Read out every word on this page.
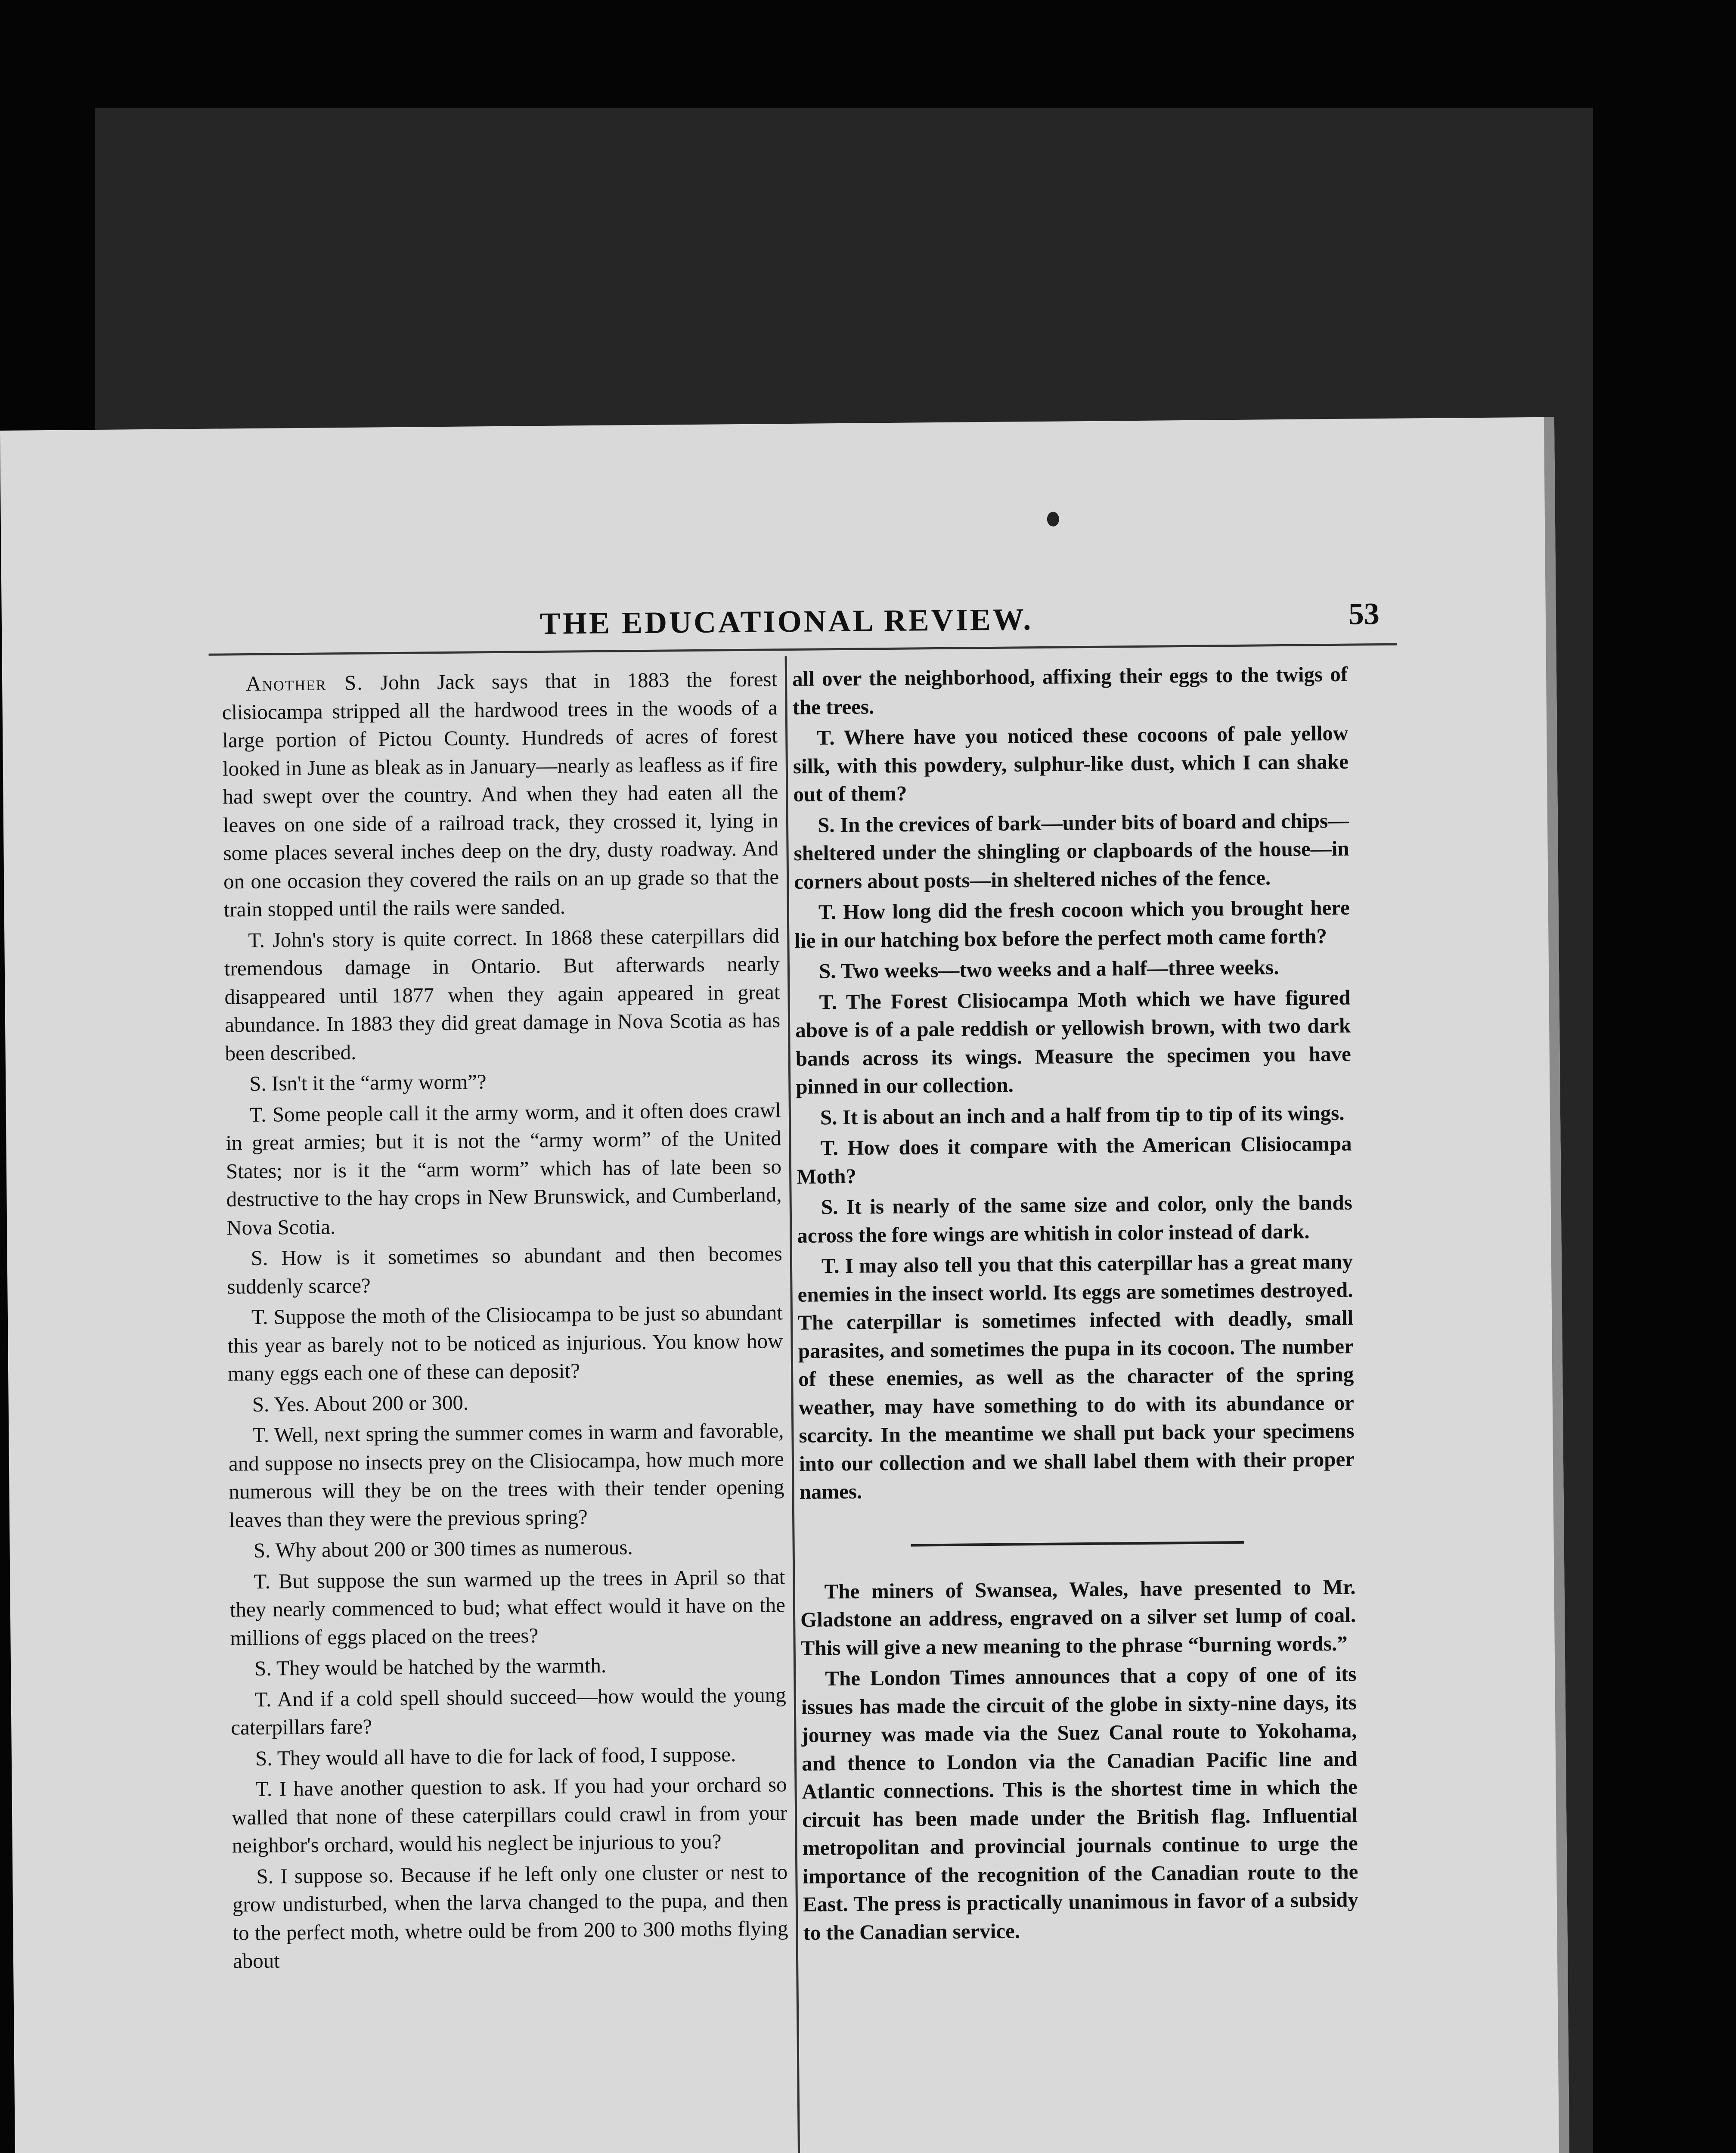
THE EDUCATIONAL REVIEW.	53

Another S. John Jack says that in 1883 the forest clisiocampa stripped all the hardwood trees in the woods of a large portion of Pictou County. Hundreds of acres of forest looked in June as bleak as in January—nearly as leafless as if fire had swept over the country. And when they had eaten all the leaves on one side of a railroad track, they crossed it, lying in some places several inches deep on the dry, dusty roadway. And on one occasion they covered the rails on an up grade so that the train stopped until the rails were sanded.

T. John's story is quite correct. In 1868 these caterpillars did tremendous damage in Ontario. But afterwards nearly disappeared until 1877 when they again appeared in great abundance. In 1883 they did great damage in Nova Scotia as has been described.

S. Isn't it the “army worm”?

T. Some people call it the army worm, and it often does crawl in great armies; but it is not the “army worm” of the United States; nor is it the “arm worm” which has of late been so destructive to the hay crops in New Brunswick, and Cumberland, Nova Scotia.

S. How is it sometimes so abundant and then becomes suddenly scarce?

T. Suppose the moth of the Clisiocampa to be just so abundant this year as barely not to be noticed as injurious. You know how many eggs each one of these can deposit?

S. Yes. About 200 or 300.

T. Well, next spring the summer comes in warm and favorable, and suppose no insects prey on the Clisiocampa, how much more numerous will they be on the trees with their tender opening leaves than they were the previous spring?

S. Why about 200 or 300 times as numerous.

T. But suppose the sun warmed up the trees in April so that they nearly commenced to bud; what effect would it have on the millions of eggs placed on the trees?

S. They would be hatched by the warmth.

T. And if a cold spell should succeed—how would the young caterpillars fare?

S. They would all have to die for lack of food, I suppose.

T. I have another question to ask. If you had your orchard so walled that none of these caterpillars could crawl in from your neighbor's orchard, would his neglect be injurious to you?

S. I suppose so. Because if he left only one cluster or nest to grow undisturbed, when the larva changed to the pupa, and then to the perfect moth, whetre ould be from 200 to 300 moths flying about

all over the neighborhood, affixing their eggs to the twigs of the trees.

T. Where have you noticed these cocoons of pale yellow silk, with this powdery, sulphur-like dust, which I can shake out of them?

S. In the crevices of bark—under bits of board and chips—sheltered under the shingling or clapboards of the house—in corners about posts—in sheltered niches of the fence.

T. How long did the fresh cocoon which you brought here lie in our hatching box before the perfect moth came forth?

S. Two weeks—two weeks and a half—three weeks.

T. The Forest Clisiocampa Moth which we have figured above is of a pale reddish or yellowish brown, with two dark bands across its wings. Measure the specimen you have pinned in our collection.

S. It is about an inch and a half from tip to tip of its wings.

T. How does it compare with the American Clisiocampa Moth?

S. It is nearly of the same size and color, only the bands across the fore wings are whitish in color instead of dark.

T. I may also tell you that this caterpillar has a great many enemies in the insect world. Its eggs are sometimes destroyed. The caterpillar is sometimes infected with deadly, small parasites, and sometimes the pupa in its cocoon. The number of these enemies, as well as the character of the spring weather, may have something to do with its abundance or scarcity. In the meantime we shall put back your specimens into our collection and we shall label them with their proper names.

The miners of Swansea, Wales, have presented to Mr. Gladstone an address, engraved on a silver set lump of coal. This will give a new meaning to the phrase “burning words.”

The London Times announces that a copy of one of its issues has made the circuit of the globe in sixty-nine days, its journey was made via the Suez Canal route to Yokohama, and thence to London via the Canadian Pacific line and Atlantic connections. This is the shortest time in which the circuit has been made under the British flag. Influential metropolitan and provincial journals continue to urge the importance of the recognition of the Canadian route to the East. The press is practically unanimous in favor of a subsidy to the Canadian service.
